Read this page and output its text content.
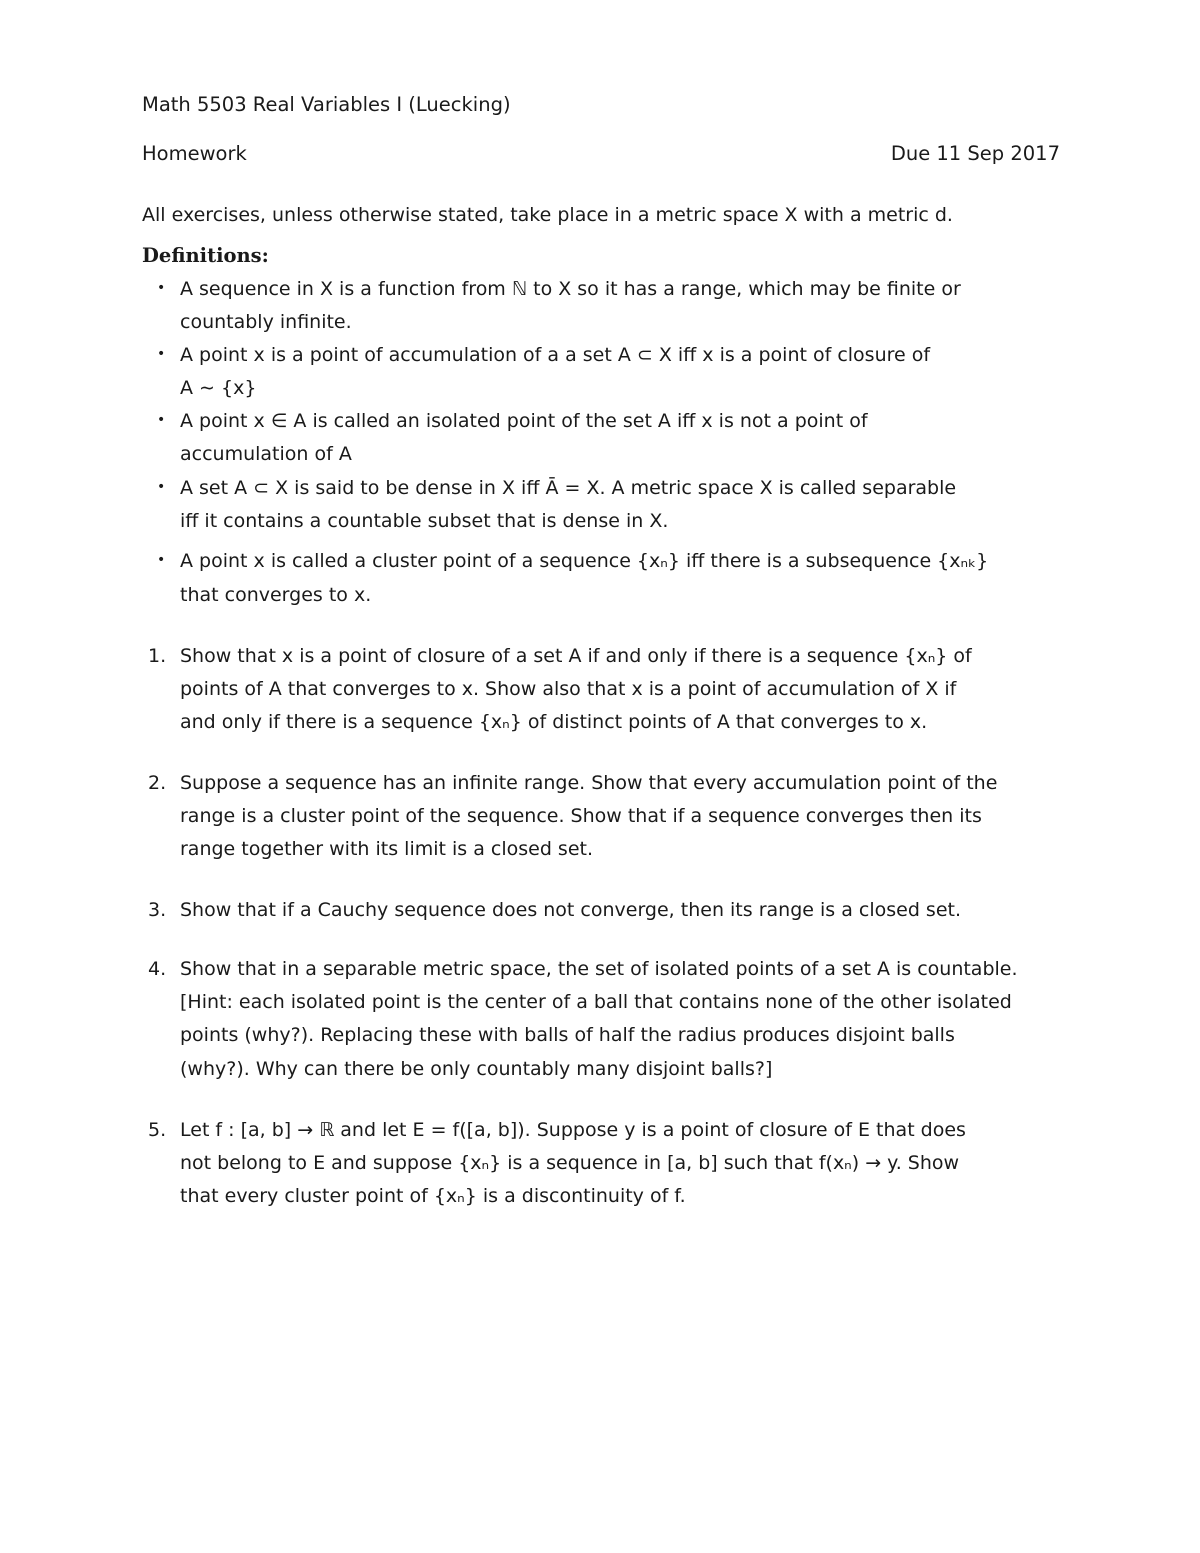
Math 5503 Real Variables I (Luecking)
Homework	Due 11 Sep 2017
All exercises, unless otherwise stated, take place in a metric space X with a metric d.
Definitions:
• A sequence in X is a function from ℕ to X so it has a range, which may be finite or
countably infinite.
• A point x is a point of accumulation of a a set A ⊂ X iff x is a point of closure of
A ∼ {x}
• A point x ∈ A is called an isolated point of the set A iff x is not a point of
accumulation of A
• A set A ⊂ X is said to be dense in X iff Ā = X. A metric space X is called separable
iff it contains a countable subset that is dense in X.
• A point x is called a cluster point of a sequence {xₙ} iff there is a subsequence {xₙₖ}
that converges to x.
1. Show that x is a point of closure of a set A if and only if there is a sequence {xₙ} of
points of A that converges to x. Show also that x is a point of accumulation of X if
and only if there is a sequence {xₙ} of distinct points of A that converges to x.
2. Suppose a sequence has an infinite range. Show that every accumulation point of the
range is a cluster point of the sequence. Show that if a sequence converges then its
range together with its limit is a closed set.
3. Show that if a Cauchy sequence does not converge, then its range is a closed set.
4. Show that in a separable metric space, the set of isolated points of a set A is countable.
[Hint: each isolated point is the center of a ball that contains none of the other isolated
points (why?). Replacing these with balls of half the radius produces disjoint balls
(why?). Why can there be only countably many disjoint balls?]
5. Let f : [a, b] → ℝ and let E = f([a, b]). Suppose y is a point of closure of E that does
not belong to E and suppose {xₙ} is a sequence in [a, b] such that f(xₙ) → y. Show
that every cluster point of {xₙ} is a discontinuity of f.
